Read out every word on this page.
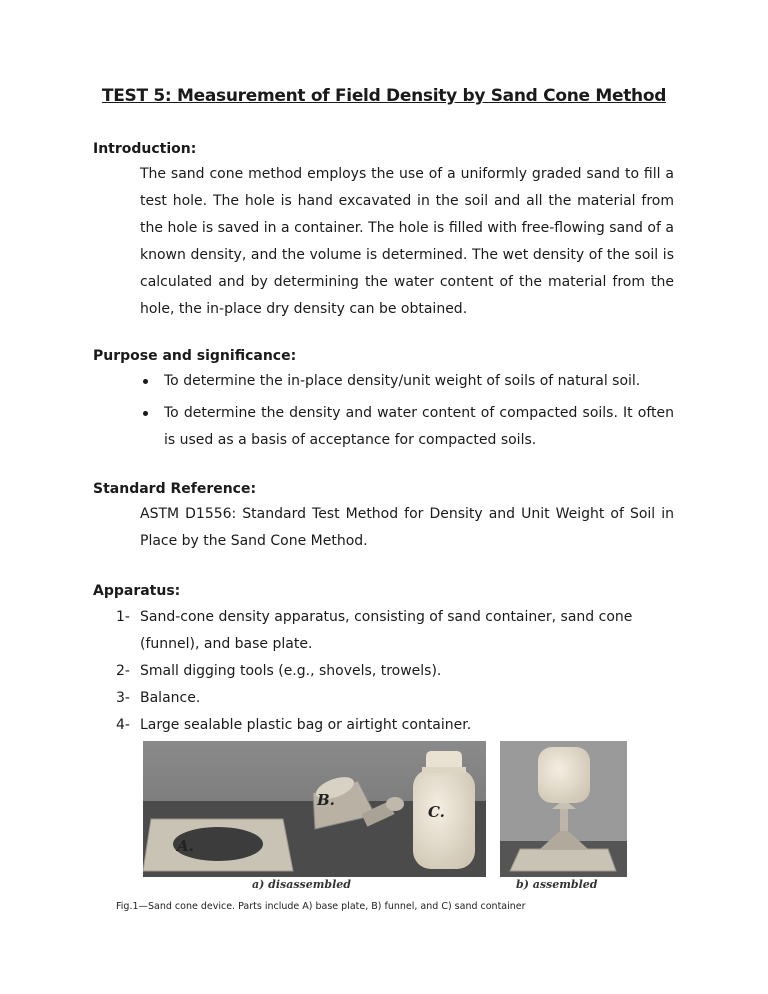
TEST 5: Measurement of Field Density by Sand Cone Method
Introduction:
The sand cone method employs the use of a uniformly graded sand to fill a test hole. The hole is hand excavated in the soil and all the material from the hole is saved in a container. The hole is filled with free-flowing sand of a known density, and the volume is determined. The wet density of the soil is calculated and by determining the water content of the material from the hole, the in-place dry density can be obtained.
Purpose and significance:
To determine the in-place density/unit weight of soils of natural soil.
To determine the density and water content of compacted soils. It often is used as a basis of acceptance for compacted soils.
Standard Reference:
ASTM D1556: Standard Test Method for Density and Unit Weight of Soil in Place by the Sand Cone Method.
Apparatus:
1- Sand-cone density apparatus, consisting of sand container, sand cone (funnel), and base plate.
2- Small digging tools (e.g., shovels, trowels).
3- Balance.
4- Large sealable plastic bag or airtight container.
A.
B.
C.
a) disassembled	b) assembled
Fig.1—Sand cone device. Parts include A) base plate, B) funnel, and C) sand container
